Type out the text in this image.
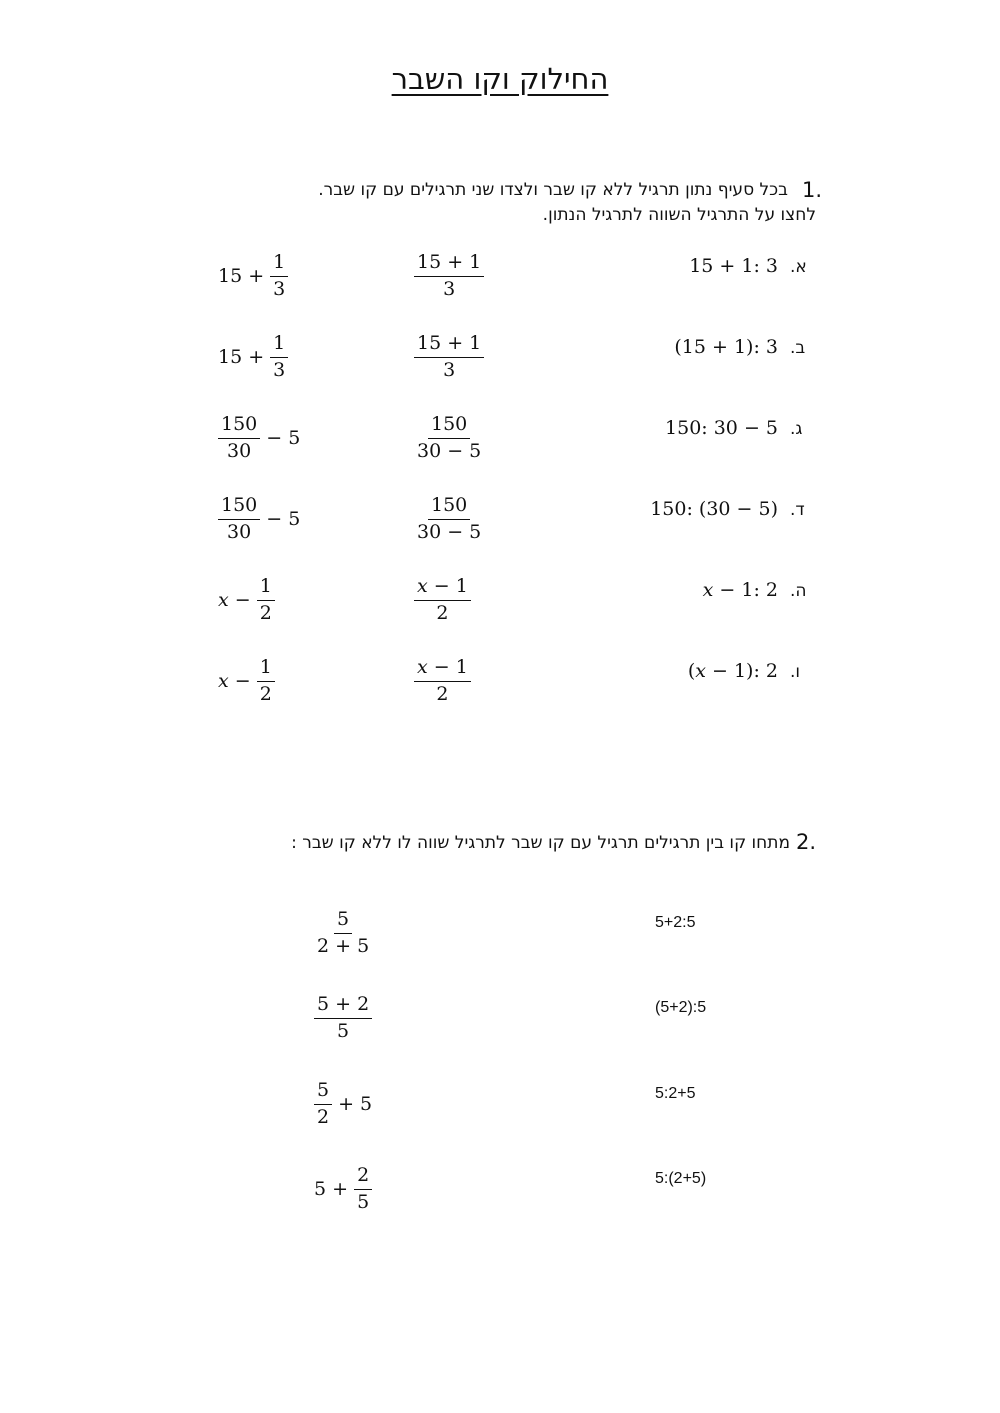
החילוק וקו השבר
1.
בכל סעיף נתון תרגיל ללא קו שבר ולצדו שני תרגילים עם קו שבר.
לחצו על התרגיל השווה לתרגיל הנתון.
א.
15 + 1: 3
$\frac{15 + 1}{3}$
$15 + \frac{1}{3}$
ב.
(15 + 1): 3
$\frac{15 + 1}{3}$
$15 + \frac{1}{3}$
ג.
150: 30 − 5
$\frac{150}{30 - 5}$
$\frac{150}{30} - 5$
ד.
150: (30 − 5)
$\frac{150}{30 - 5}$
$\frac{150}{30} - 5$
ה.
𝑥 − 1: 2
$\frac{\text{𝑥 − 1}}{2}$
𝑥 − $\frac{1}{2}$
ו.
(𝑥 − 1): 2
$\frac{\text{𝑥 − 1}}{2}$
𝑥 − $\frac{1}{2}$
2.
מתחו קו בין תרגילים תרגיל עם קו שבר לתרגיל שווה לו ללא קו שבר :
$\frac{5}{2 + 5}$	5+2:5
$\frac{5 + 2}{5}$	(5+2):5
$\frac{5}{2} + 5$	5:2+5
$5 + \frac{2}{5}$	5:(2+5)
